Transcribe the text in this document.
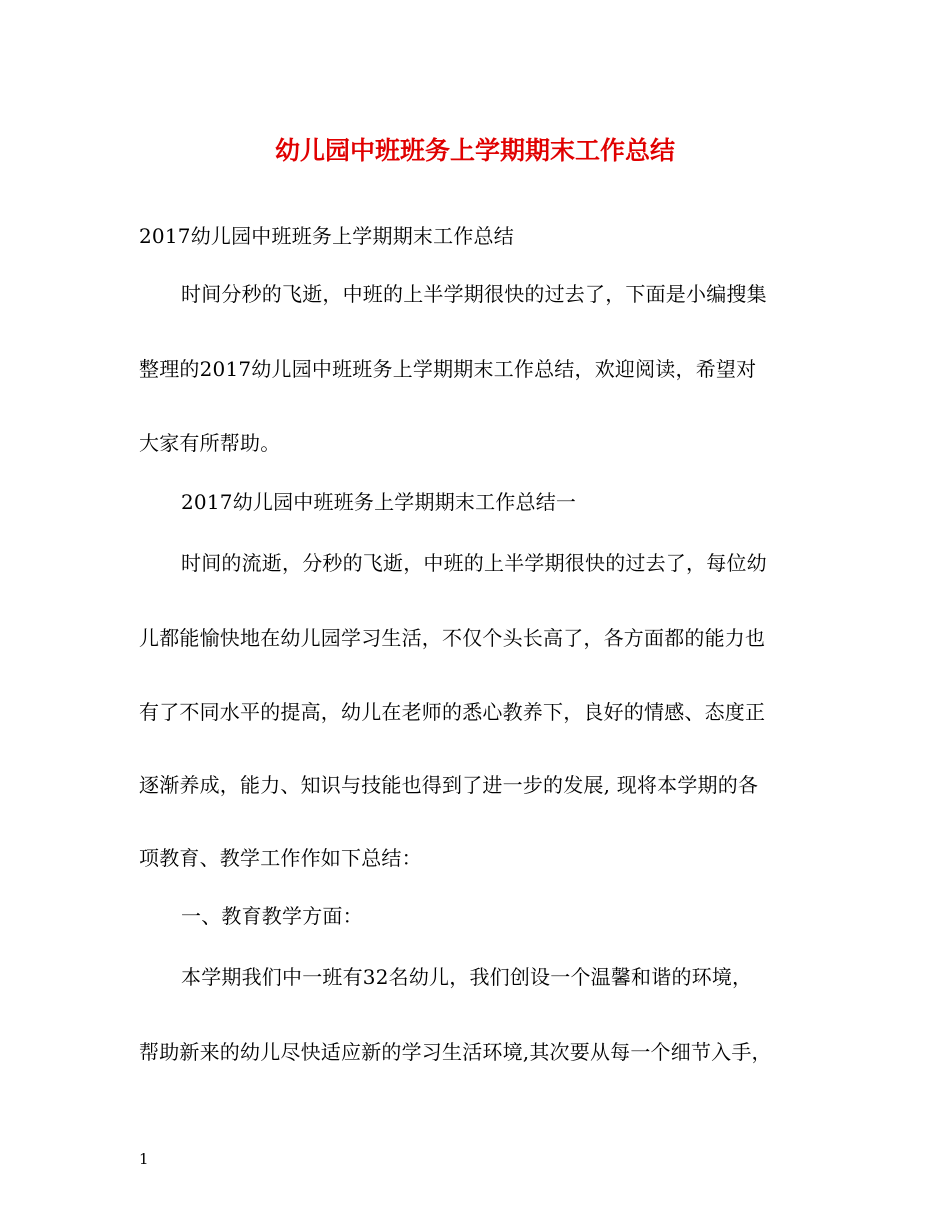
幼儿园中班班务上学期期末工作总结
2017幼儿园中班班务上学期期末工作总结
时间分秒的飞逝，中班的上半学期很快的过去了，下面是小编搜集
整理的2017幼儿园中班班务上学期期末工作总结，欢迎阅读，希望对
大家有所帮助。
2017幼儿园中班班务上学期期末工作总结一
时间的流逝，分秒的飞逝，中班的上半学期很快的过去了，每位幼
儿都能愉快地在幼儿园学习生活，不仅个头长高了，各方面都的能力也
有了不同水平的提高，幼儿在老师的悉心教养下，良好的情感、态度正
逐渐养成，能力、知识与技能也得到了进一步的发展, 现将本学期的各
项教育、教学工作作如下总结：
一、教育教学方面：
本学期我们中一班有32名幼儿，我们创设一个温馨和谐的环境，
帮助新来的幼儿尽快适应新的学习生活环境,其次要从每一个细节入手，
1
